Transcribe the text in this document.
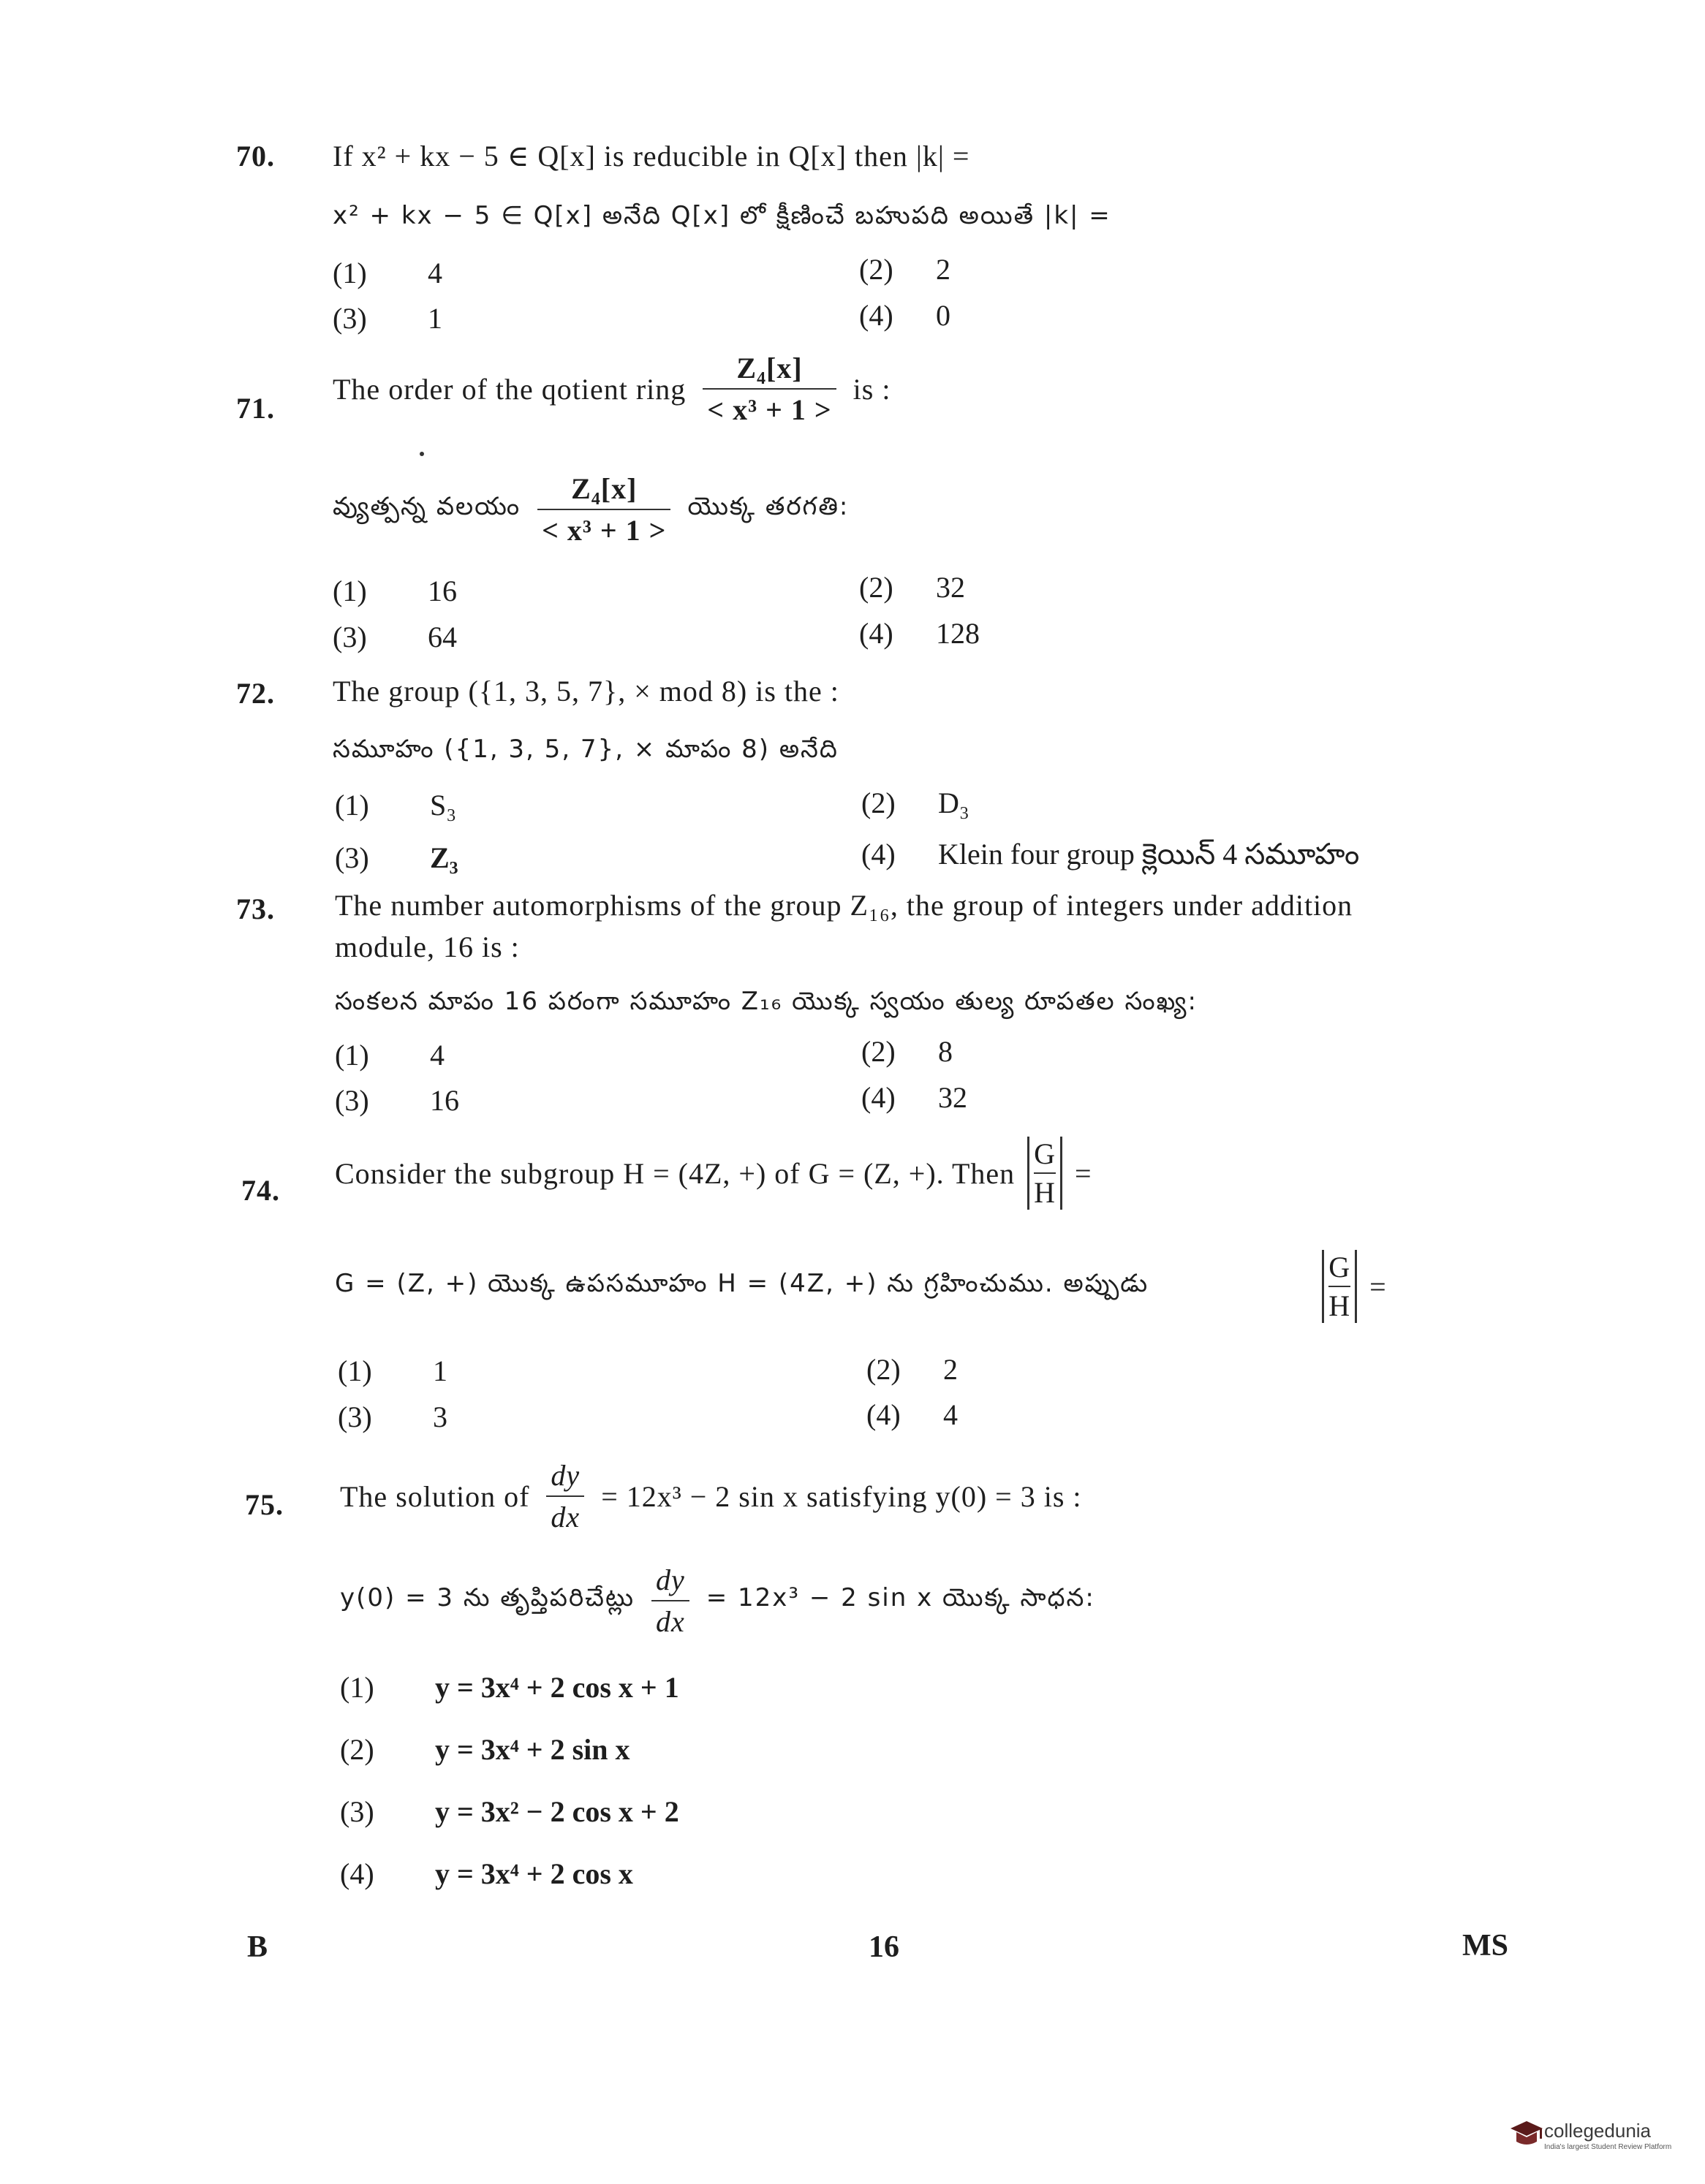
70. If x² + kx − 5 ∈ Q[x] is reducible in Q[x] then |k| =
x² + kx − 5 ∈ Q[x] అనేది Q[x] లో క్షీణించే బహుపది అయితే |k| =
(1) 4	(2) 2
(3) 1	(4) 0
71.
The order of the qotient ring $\frac{\text{Z₄[x]}}{\text{< x³ + 1 >}}$ is :
వ్యుత్పన్న వలయం $\frac{\text{Z₄[x]}}{\text{< x³ + 1 >}}$ యొక్క తరగతి:
(1) 16	(2) 32
(3) 64	(4) 128
72. The group ({1, 3, 5, 7}, × mod 8) is the :
సమూహం ({1, 3, 5, 7}, × మాపం 8) అనేది
(1) S₃	(2) D₃
(3) Z₃	(4) Klein four group క్లెయిన్ 4 సమూహం
73. The number automorphisms of the group Z₁₆, the group of integers under addition
module, 16 is :
సంకలన మాపం 16 పరంగా సమూహం Z₁₆ యొక్క స్వయం తుల్య రూపతల సంఖ్య:
(1) 4	(2) 8
(3) 16	(4) 32
74.
Consider the subgroup H = (4Z, +) of G = (Z, +). Then $\frac{G}{H}$ =
G = (Z, +) యొక్క ఉపసమూహం H = (4Z, +) ను గ్రహించుము. అప్పుడు	$\frac{G}{H}$ =
(1) 1	(2) 2
(3) 3	(4) 4
75. The solution of $\frac{dy}{dx} = 12x^3 - 2$ sin x satisfying y(0) = 3 is :
y(0) = 3 ను తృప్తిపరిచేట్లు $\frac{dy}{dx} = 12x^3 - 2$ sin x యొక్క సాధన:
(1) y = 3x⁴ + 2 cos x + 1
(2) y = 3x⁴ + 2 sin x
(3) y = 3x² − 2 cos x + 2
(4) y = 3x⁴ + 2 cos x
B	16	MS
collegedunia
India's largest Student Review Platform
